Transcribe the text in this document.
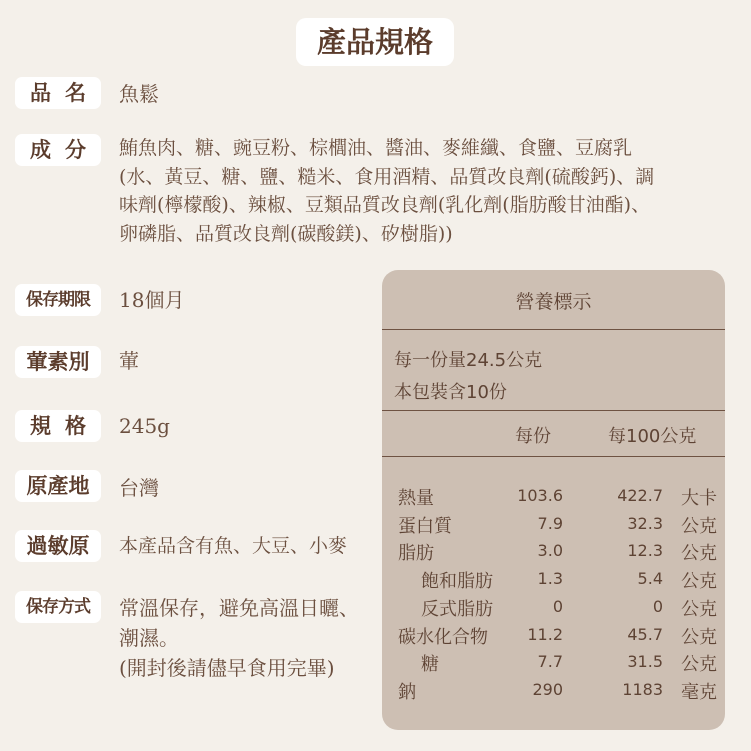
產品規格
品名 魚鬆
成分 鮪魚肉、糖、豌豆粉、棕櫚油、醬油、麥維纖、食鹽、豆腐乳
(水、黃豆、糖、鹽、糙米、食用酒精、品質改良劑(硫酸鈣)、調
味劑(檸檬酸)、辣椒、豆類品質改良劑(乳化劑(脂肪酸甘油酯)、
卵磷脂、品質改良劑(碳酸鎂)、矽樹脂))
保存期限	18個月
葷素別	葷
規格 245g
原產地	台灣
過敏原	本產品含有魚、大豆、小麥
保存方式	常溫保存，避免高溫日曬、
潮濕。
(開封後請儘早食用完畢)
營養標示
每一份量24.5公克
本包裝含10份
每份	每100公克
熱量	103.6	422.7 大卡
蛋白質	7.9	32.3 公克
脂肪	3.0	12.3 公克
飽和脂肪	1.3	5.4 公克
反式脂肪	0	0 公克
碳水化合物 11.2	45.7 公克
糖	7.7	31.5 公克
鈉	290	1183 毫克
